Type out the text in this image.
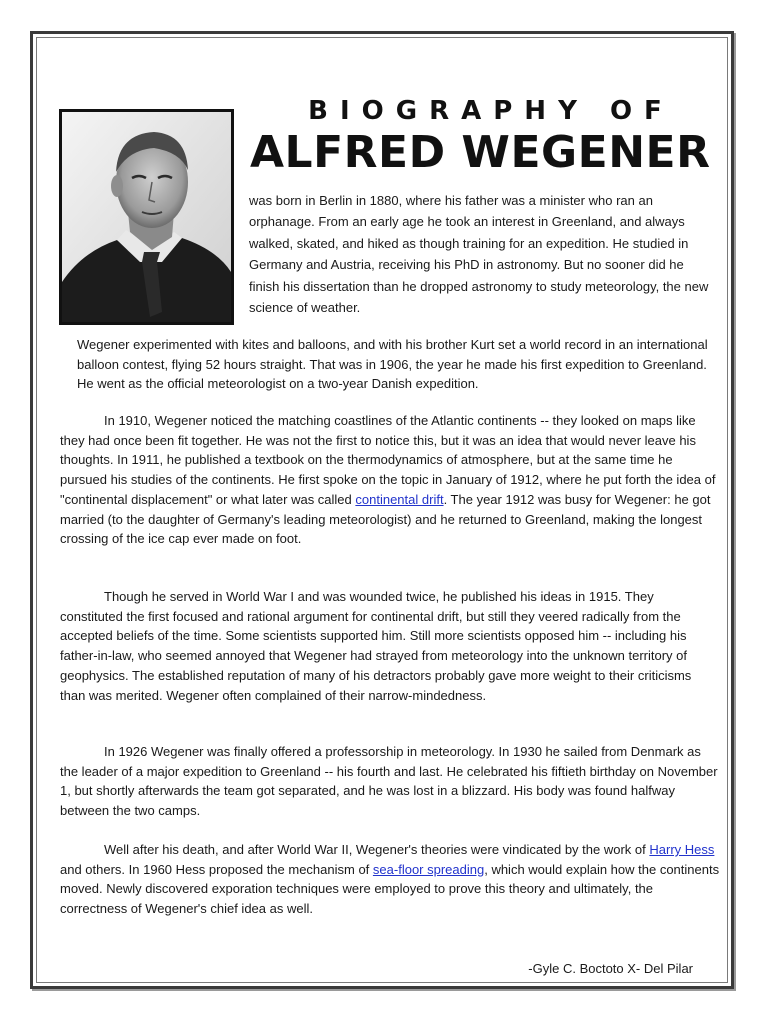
BIOGRAPHY OF
ALFRED WEGENER

was born in Berlin in 1880, where his father was a minister who ran an orphanage. From an early age he took an interest in Greenland, and always walked, skated, and hiked as though training for an expedition. He studied in Germany and Austria, receiving his PhD in astronomy. But no sooner did he finish his dissertation than he dropped astronomy to study meteorology, the new science of weather.

Wegener experimented with kites and balloons, and with his brother Kurt set a world record in an international balloon contest, flying 52 hours straight. That was in 1906, the year he made his first expedition to Greenland. He went as the official meteorologist on a two-year Danish expedition.

In 1910, Wegener noticed the matching coastlines of the Atlantic continents -- they looked on maps like they had once been fit together. He was not the first to notice this, but it was an idea that would never leave his thoughts. In 1911, he published a textbook on the thermodynamics of atmosphere, but at the same time he pursued his studies of the continents. He first spoke on the topic in January of 1912, where he put forth the idea of "continental displacement" or what later was called continental drift. The year 1912 was busy for Wegener: he got married (to the daughter of Germany's leading meteorologist) and he returned to Greenland, making the longest crossing of the ice cap ever made on foot.

Though he served in World War I and was wounded twice, he published his ideas in 1915. They constituted the first focused and rational argument for continental drift, but still they veered radically from the accepted beliefs of the time. Some scientists supported him. Still more scientists opposed him -- including his father-in-law, who seemed annoyed that Wegener had strayed from meteorology into the unknown territory of geophysics. The established reputation of many of his detractors probably gave more weight to their criticisms than was merited. Wegener often complained of their narrow-mindedness.

In 1926 Wegener was finally offered a professorship in meteorology. In 1930 he sailed from Denmark as the leader of a major expedition to Greenland -- his fourth and last. He celebrated his fiftieth birthday on November 1, but shortly afterwards the team got separated, and he was lost in a blizzard. His body was found halfway between the two camps.

Well after his death, and after World War II, Wegener's theories were vindicated by the work of Harry Hess and others. In 1960 Hess proposed the mechanism of sea-floor spreading, which would explain how the continents moved. Newly discovered exporation techniques were employed to prove this theory and ultimately, the correctness of Wegener's chief idea as well.

-Gyle C. Boctoto X- Del Pilar
